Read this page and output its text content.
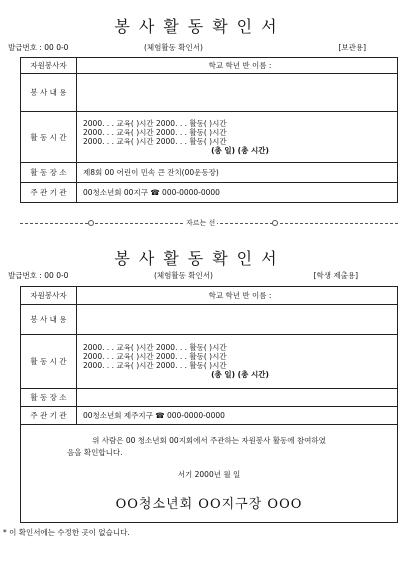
봉사활동확인서
발급번호 : 00 0-0	(체험활동 확인서)	[보관용]
자원봉사자	학교 학년 반 이름 :
봉 사 내 용	
활 동 시 간	2000. . . 교육( )시간 2000. . . 활동( )시간
2000. . . 교육( )시간 2000. . . 활동( )시간
2000. . . 교육( )시간 2000. . . 활동( )시간
(총 일) (총 시간)

활 동 장 소	제8회 00 어린이 민속 큰 잔치(00운동장)
주 관 기 관	00청소년회 00지구 ☎ 000-0000-0000
자르는 선
봉사활동확인서
발급번호 : 00 0-0	(체험활동 확인서)	[학생 제출용]
자원봉사자	학교 학년 반 이름 :
봉 사 내 용	
활 동 시 간	2000. . . 교육( )시간 2000. . . 활동( )시간
2000. . . 교육( )시간 2000. . . 활동( )시간
2000. . . 교육( )시간 2000. . . 활동( )시간
(총 일) (총 시간)

활 동 장 소	
주 관 기 관	00청소년회 제주지구 ☎ 000-0000-0000

위 사람은 00 청소년회 00지회에서 주관하는 자원봉사 활동에 참여하였
음을 확인합니다.
서기 2000년 월 일
OO청소년회 OO지구장 OOO	
* 이 확인서에는 수정한 곳이 없습니다.
